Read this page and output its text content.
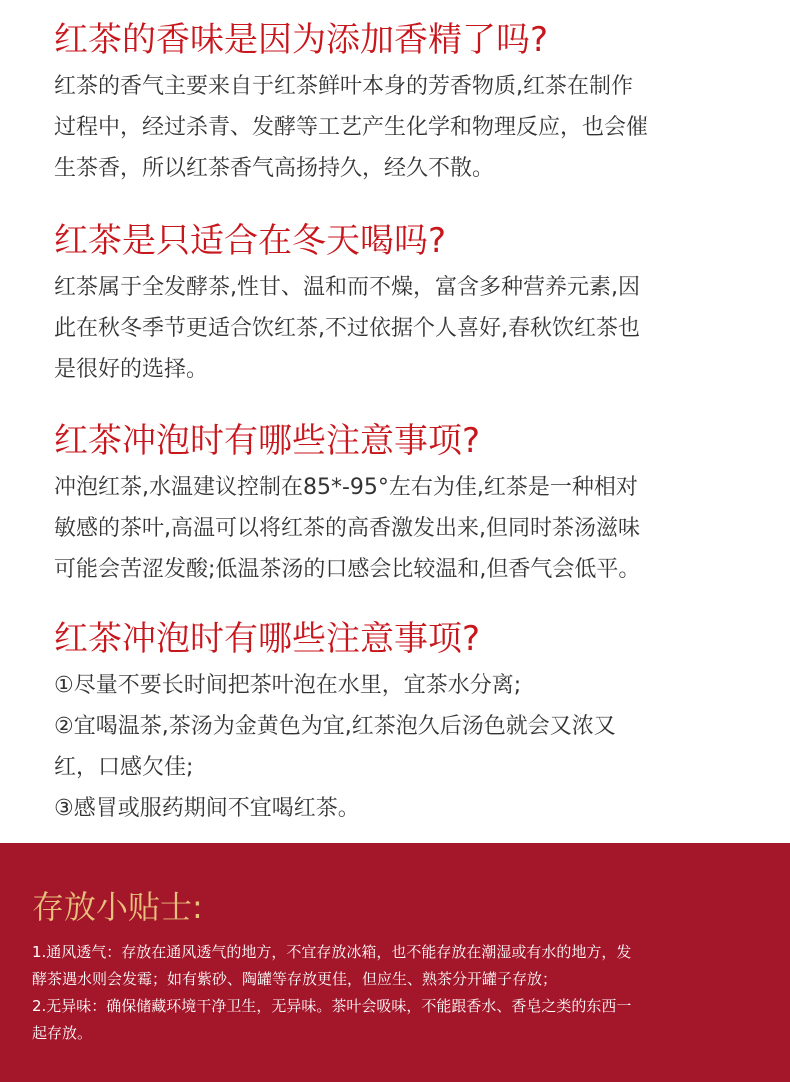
红茶的香味是因为添加香精了吗?

红茶的香气主要来自于红茶鲜叶本身的芳香物质,红茶在制作
过程中，经过杀青、发酵等工艺产生化学和物理反应，也会催
生茶香，所以红茶香气高扬持久，经久不散。

红茶是只适合在冬天喝吗?

红茶属于全发酵茶,性甘、温和而不燥，富含多种营养元素,因
此在秋冬季节更适合饮红茶,不过依据个人喜好,春秋饮红茶也
是很好的选择。

红茶冲泡时有哪些注意事项?

冲泡红茶,水温建议控制在85*-95°左右为佳,红茶是一种相对
敏感的茶叶,高温可以将红茶的高香激发出来,但同时茶汤滋味
可能会苦涩发酸;低温茶汤的口感会比较温和,但香气会低平。

红茶冲泡时有哪些注意事项?

①尽量不要长时间把茶叶泡在水里，宜茶水分离;
②宜喝温茶,茶汤为金黄色为宜,红茶泡久后汤色就会又浓又
红，口感欠佳;
③感冒或服药期间不宜喝红茶。

存放小贴士:

1.通风透气：存放在通风透气的地方，不宜存放冰箱，也不能存放在潮湿或有水的地方，发
酵茶遇水则会发霉；如有紫砂、陶罐等存放更佳，但应生、熟茶分开罐子存放；
2.无异味：确保储藏环境干净卫生，无异味。茶叶会吸味，不能跟香水、香皂之类的东西一
起存放。
